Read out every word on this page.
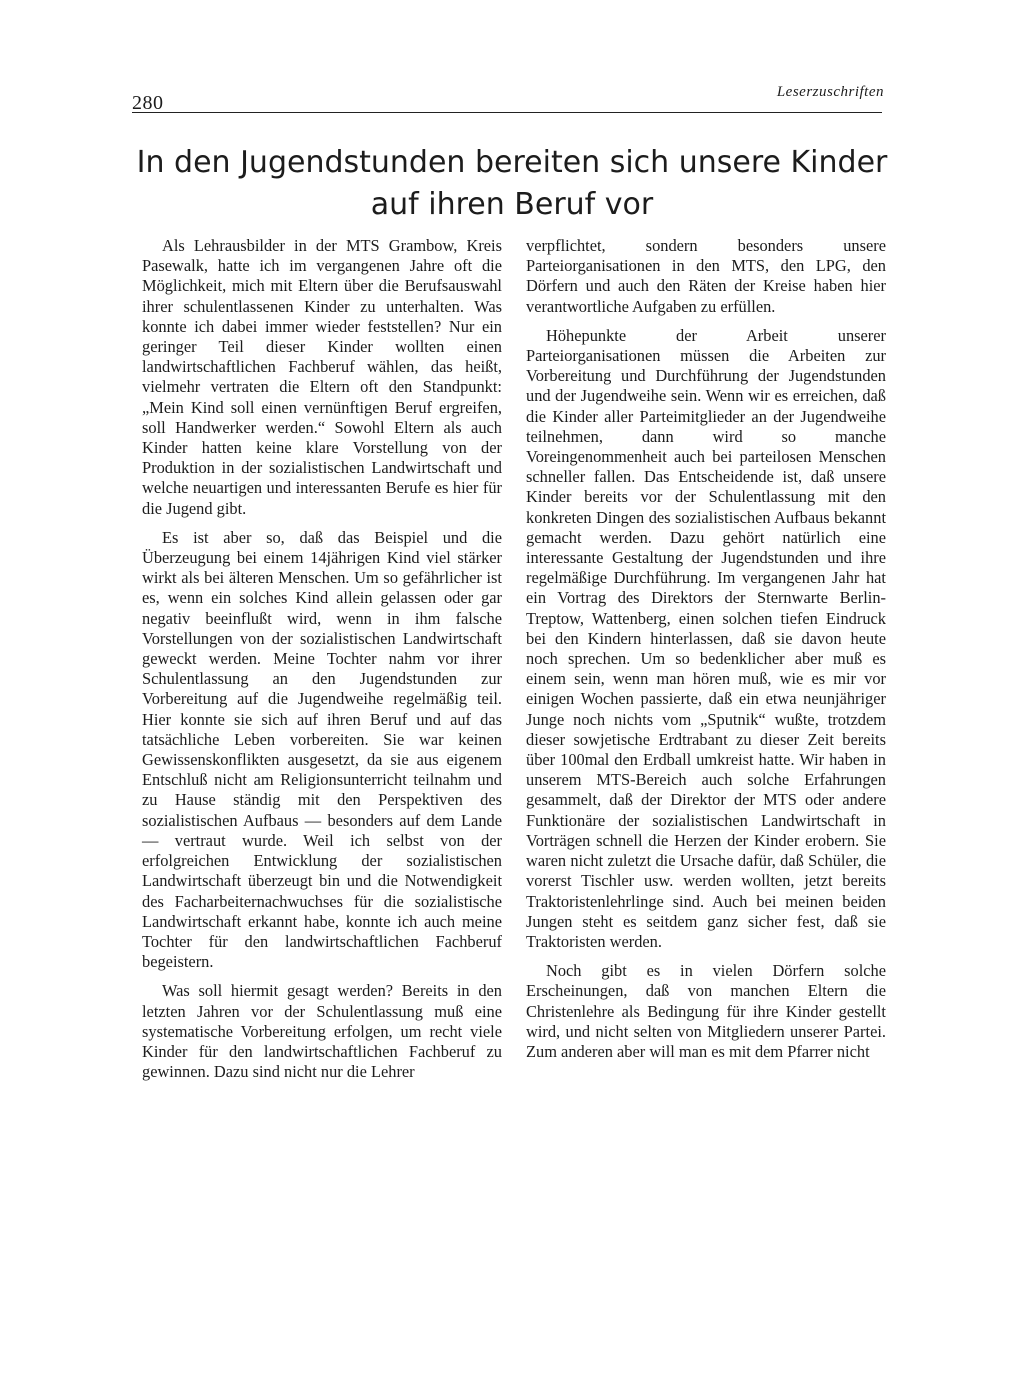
280	Leserzuschriften
In den Jugendstunden bereiten sich unsere Kinder auf ihren Beruf vor

Als Lehrausbilder in der MTS Grambow, Kreis Pasewalk, hatte ich im vergangenen Jahre oft die Möglichkeit, mich mit Eltern über die Berufsauswahl ihrer schulentlassenen Kinder zu unterhalten. Was konnte ich dabei immer wieder feststellen? Nur ein geringer Teil dieser Kinder wollten einen landwirtschaftlichen Fachberuf wählen, das heißt, vielmehr vertraten die Eltern oft den Standpunkt: „Mein Kind soll einen vernünftigen Beruf ergreifen, soll Handwerker werden.“ Sowohl Eltern als auch Kinder hatten keine klare Vorstellung von der Produktion in der sozialistischen Landwirtschaft und welche neuartigen und interessanten Berufe es hier für die Jugend gibt.

Es ist aber so, daß das Beispiel und die Überzeugung bei einem 14jährigen Kind viel stärker wirkt als bei älteren Menschen. Um so gefährlicher ist es, wenn ein solches Kind allein gelassen oder gar negativ beeinflußt wird, wenn in ihm falsche Vorstellungen von der sozialistischen Landwirtschaft geweckt werden. Meine Tochter nahm vor ihrer Schulentlassung an den Jugendstunden zur Vorbereitung auf die Jugendweihe regelmäßig teil. Hier konnte sie sich auf ihren Beruf und auf das tatsächliche Leben vorbereiten. Sie war keinen Gewissenskonflikten ausgesetzt, da sie aus eigenem Entschluß nicht am Religionsunterricht teilnahm und zu Hause ständig mit den Perspektiven des sozialistischen Aufbaus — besonders auf dem Lande — vertraut wurde. Weil ich selbst von der erfolgreichen Entwicklung der sozialistischen Landwirtschaft überzeugt bin und die Notwendigkeit des Facharbeiternachwuchses für die sozialistische Landwirtschaft erkannt habe, konnte ich auch meine Tochter für den landwirtschaftlichen Fachberuf begeistern.

Was soll hiermit gesagt werden? Bereits in den letzten Jahren vor der Schulentlassung muß eine systematische Vorbereitung erfolgen, um recht viele Kinder für den landwirtschaftlichen Fachberuf zu gewinnen. Dazu sind nicht nur die Lehrer

verpflichtet, sondern besonders unsere Parteiorganisationen in den MTS, den LPG, den Dörfern und auch den Räten der Kreise haben hier verantwortliche Aufgaben zu erfüllen.

Höhepunkte der Arbeit unserer Parteiorganisationen müssen die Arbeiten zur Vorbereitung und Durchführung der Jugendstunden und der Jugendweihe sein. Wenn wir es erreichen, daß die Kinder aller Parteimitglieder an der Jugendweihe teilnehmen, dann wird so manche Voreingenommenheit auch bei parteilosen Menschen schneller fallen. Das Entscheidende ist, daß unsere Kinder bereits vor der Schulentlassung mit den konkreten Dingen des sozialistischen Aufbaus bekannt gemacht werden. Dazu gehört natürlich eine interessante Gestaltung der Jugendstunden und ihre regelmäßige Durchführung. Im vergangenen Jahr hat ein Vortrag des Direktors der Sternwarte Berlin-Treptow, Wattenberg, einen solchen tiefen Eindruck bei den Kindern hinterlassen, daß sie davon heute noch sprechen. Um so bedenklicher aber muß es einem sein, wenn man hören muß, wie es mir vor einigen Wochen passierte, daß ein etwa neunjähriger Junge noch nichts vom „Sputnik“ wußte, trotzdem dieser sowjetische Erdtrabant zu dieser Zeit bereits über 100mal den Erdball umkreist hatte. Wir haben in unserem MTS-Bereich auch solche Erfahrungen gesammelt, daß der Direktor der MTS oder andere Funktionäre der sozialistischen Landwirtschaft in Vorträgen schnell die Herzen der Kinder erobern. Sie waren nicht zuletzt die Ursache dafür, daß Schüler, die vorerst Tischler usw. werden wollten, jetzt bereits Traktoristenlehrlinge sind. Auch bei meinen beiden Jungen steht es seitdem ganz sicher fest, daß sie Traktoristen werden.

Noch gibt es in vielen Dörfern solche Erscheinungen, daß von manchen Eltern die Christenlehre als Bedingung für ihre Kinder gestellt wird, und nicht selten von Mitgliedern unserer Partei. Zum anderen aber will man es mit dem Pfarrer nicht
